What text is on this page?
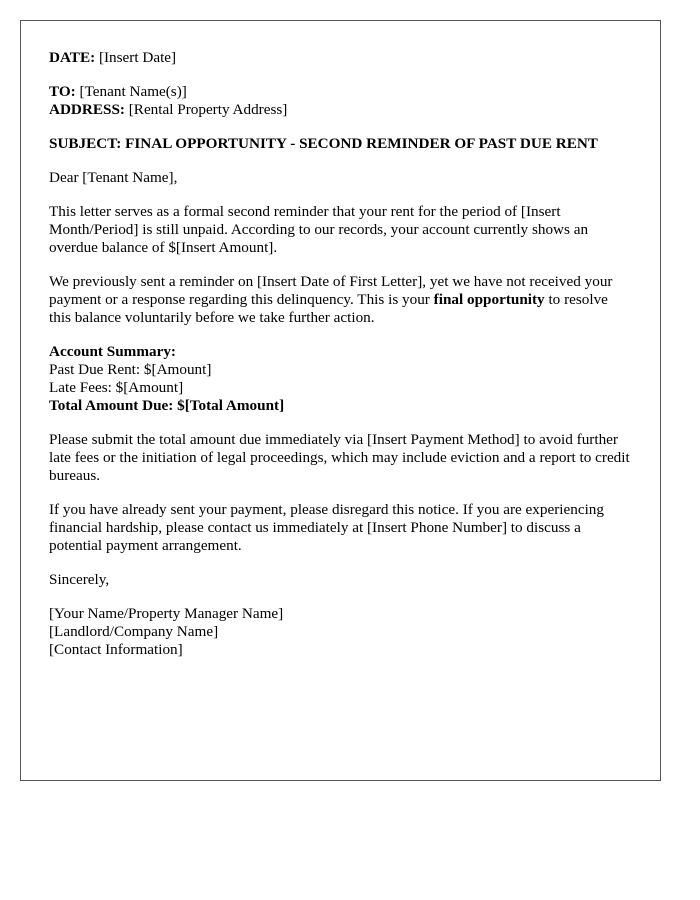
DATE: [Insert Date]

TO: [Tenant Name(s)]
ADDRESS: [Rental Property Address]

SUBJECT: FINAL OPPORTUNITY - SECOND REMINDER OF PAST DUE RENT

Dear [Tenant Name],

This letter serves as a formal second reminder that your rent for the period of [Insert Month/Period] is still unpaid. According to our records, your account currently shows an overdue balance of $[Insert Amount].

We previously sent a reminder on [Insert Date of First Letter], yet we have not received your payment or a response regarding this delinquency. This is your final opportunity to resolve this balance voluntarily before we take further action.

Account Summary:
Past Due Rent: $[Amount]
Late Fees: $[Amount]
Total Amount Due: $[Total Amount]

Please submit the total amount due immediately via [Insert Payment Method] to avoid further late fees or the initiation of legal proceedings, which may include eviction and a report to credit bureaus.

If you have already sent your payment, please disregard this notice. If you are experiencing financial hardship, please contact us immediately at [Insert Phone Number] to discuss a potential payment arrangement.

Sincerely,

[Your Name/Property Manager Name]
[Landlord/Company Name]
[Contact Information]
